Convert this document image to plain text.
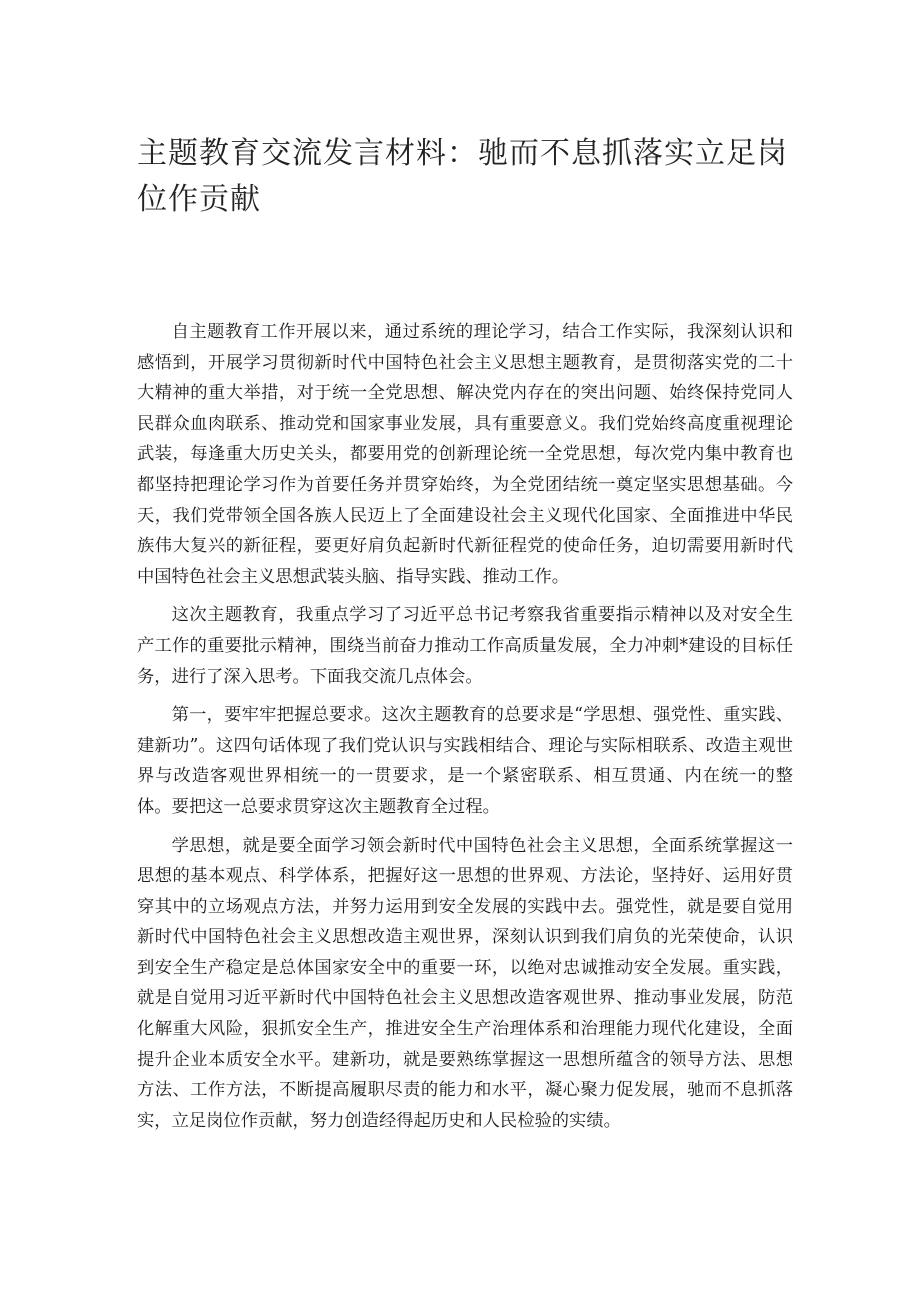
主题教育交流发言材料：驰而不息抓落实立足岗位作贡献

自主题教育工作开展以来，通过系统的理论学习，结合工作实际，我深刻认识和感悟到，开展学习贯彻新时代中国特色社会主义思想主题教育，是贯彻落实党的二十大精神的重大举措，对于统一全党思想、解决党内存在的突出问题、始终保持党同人民群众血肉联系、推动党和国家事业发展，具有重要意义。我们党始终高度重视理论武装，每逢重大历史关头，都要用党的创新理论统一全党思想，每次党内集中教育也都坚持把理论学习作为首要任务并贯穿始终，为全党团结统一奠定坚实思想基础。今天，我们党带领全国各族人民迈上了全面建设社会主义现代化国家、全面推进中华民族伟大复兴的新征程，要更好肩负起新时代新征程党的使命任务，迫切需要用新时代中国特色社会主义思想武装头脑、指导实践、推动工作。

这次主题教育，我重点学习了习近平总书记考察我省重要指示精神以及对安全生产工作的重要批示精神，围绕当前奋力推动工作高质量发展，全力冲刺*建设的目标任务，进行了深入思考。下面我交流几点体会。

第一，要牢牢把握总要求。这次主题教育的总要求是“学思想、强党性、重实践、建新功”。这四句话体现了我们党认识与实践相结合、理论与实际相联系、改造主观世界与改造客观世界相统一的一贯要求，是一个紧密联系、相互贯通、内在统一的整体。要把这一总要求贯穿这次主题教育全过程。

学思想，就是要全面学习领会新时代中国特色社会主义思想，全面系统掌握这一思想的基本观点、科学体系，把握好这一思想的世界观、方法论，坚持好、运用好贯穿其中的立场观点方法，并努力运用到安全发展的实践中去。强党性，就是要自觉用新时代中国特色社会主义思想改造主观世界，深刻认识到我们肩负的光荣使命，认识到安全生产稳定是总体国家安全中的重要一环，以绝对忠诚推动安全发展。重实践，就是自觉用习近平新时代中国特色社会主义思想改造客观世界、推动事业发展，防范化解重大风险，狠抓安全生产，推进安全生产治理体系和治理能力现代化建设，全面提升企业本质安全水平。建新功，就是要熟练掌握这一思想所蕴含的领导方法、思想方法、工作方法，不断提高履职尽责的能力和水平，凝心聚力促发展，驰而不息抓落实，立足岗位作贡献，努力创造经得起历史和人民检验的实绩。
